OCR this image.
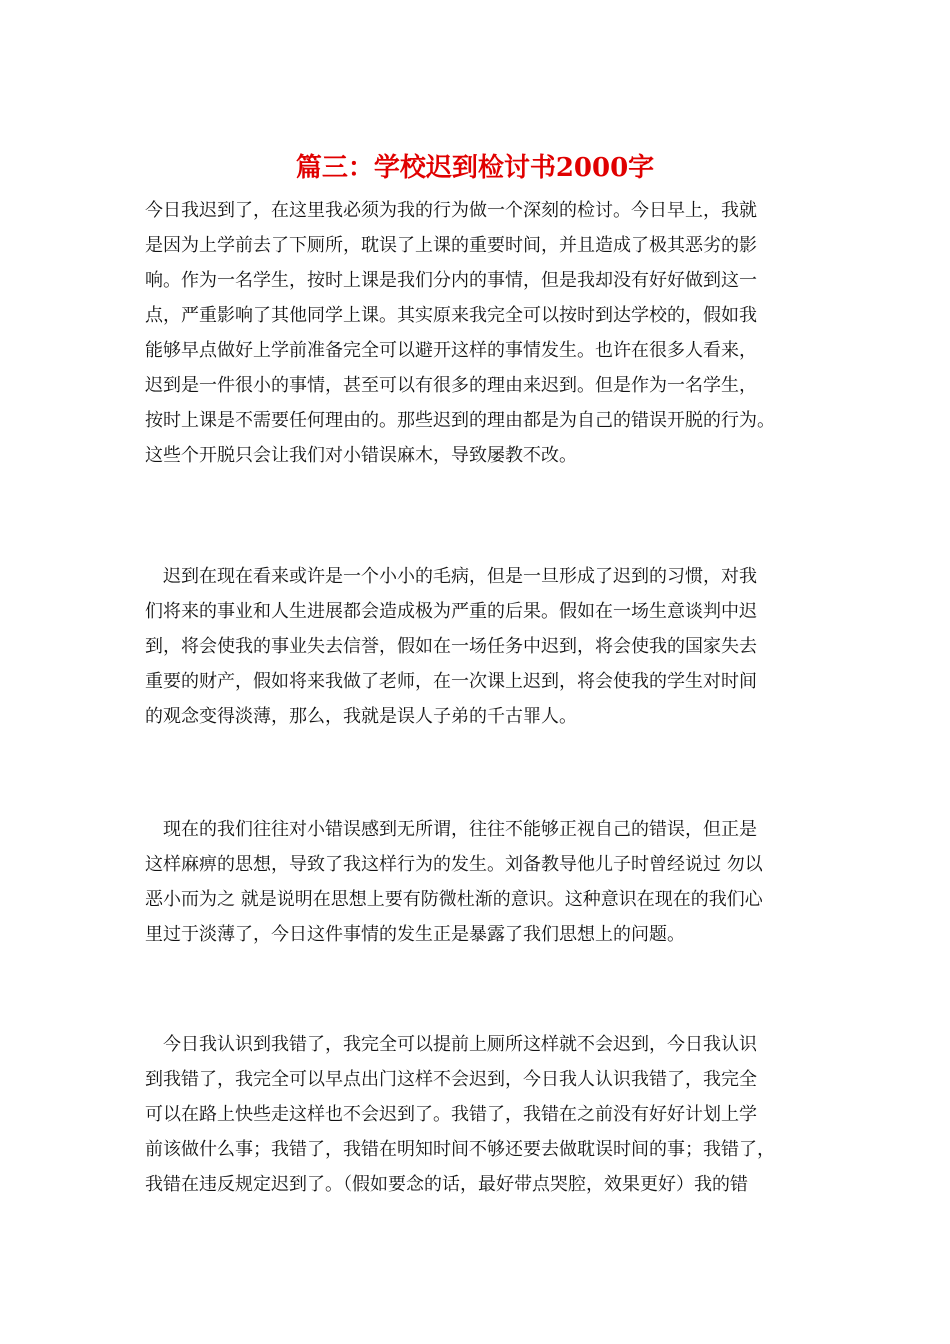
篇三：学校迟到检讨书2000字
今日我迟到了，在这里我必须为我的行为做一个深刻的检讨。今日早上，我就
是因为上学前去了下厕所，耽误了上课的重要时间，并且造成了极其恶劣的影
响。作为一名学生，按时上课是我们分内的事情，但是我却没有好好做到这一
点，严重影响了其他同学上课。其实原来我完全可以按时到达学校的，假如我
能够早点做好上学前准备完全可以避开这样的事情发生。也许在很多人看来，
迟到是一件很小的事情，甚至可以有很多的理由来迟到。但是作为一名学生，
按时上课是不需要任何理由的。那些迟到的理由都是为自己的错误开脱的行为。
这些个开脱只会让我们对小错误麻木，导致屡教不改。
迟到在现在看来或许是一个小小的毛病，但是一旦形成了迟到的习惯，对我
们将来的事业和人生进展都会造成极为严重的后果。假如在一场生意谈判中迟
到，将会使我的事业失去信誉，假如在一场任务中迟到，将会使我的国家失去
重要的财产，假如将来我做了老师，在一次课上迟到，将会使我的学生对时间
的观念变得淡薄，那么，我就是误人子弟的千古罪人。
现在的我们往往对小错误感到无所谓，往往不能够正视自己的错误，但正是
这样麻痹的思想，导致了我这样行为的发生。刘备教导他儿子时曾经说过 勿以
恶小而为之 就是说明在思想上要有防微杜渐的意识。这种意识在现在的我们心
里过于淡薄了，今日这件事情的发生正是暴露了我们思想上的问题。
今日我认识到我错了，我完全可以提前上厕所这样就不会迟到，今日我认识
到我错了，我完全可以早点出门这样不会迟到，今日我人认识我错了，我完全
可以在路上快些走这样也不会迟到了。我错了，我错在之前没有好好计划上学
前该做什么事；我错了，我错在明知时间不够还要去做耽误时间的事；我错了，
我错在违反规定迟到了。（假如要念的话，最好带点哭腔，效果更好）我的错
